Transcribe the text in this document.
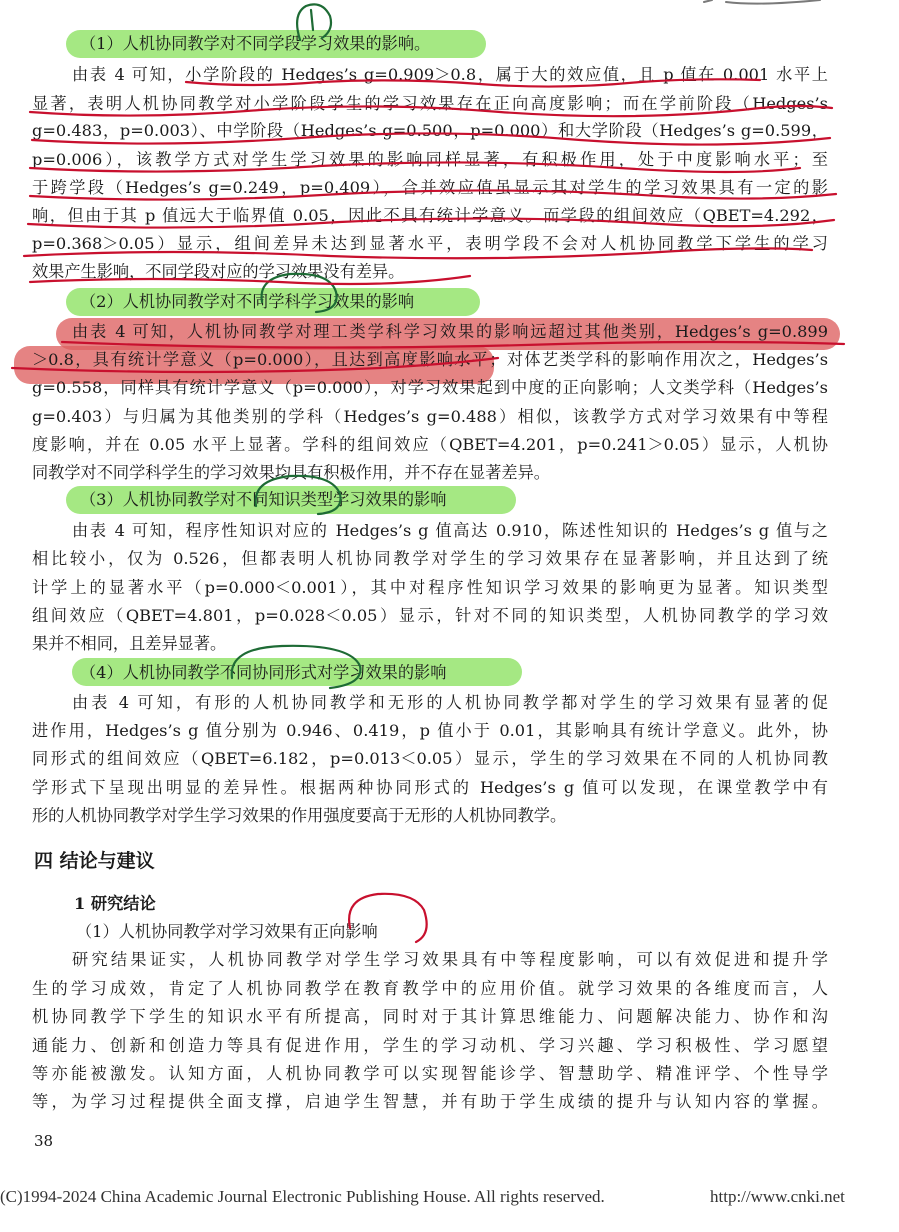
（1）人机协同教学对不同学段学习效果的影响。
由表 4 可知，小学阶段的 Hedges’s g=0.909＞0.8，属于大的效应值，且 p 值在 0.001 水平上
显著，表明人机协同教学对小学阶段学生的学习效果存在正向高度影响；而在学前阶段（Hedges’s
g=0.483，p=0.003）、中学阶段（Hedges’s g=0.500，p=0.000）和大学阶段（Hedges’s g=0.599，
p=0.006），该教学方式对学生学习效果的影响同样显著，有积极作用，处于中度影响水平；至
于跨学段（Hedges’s g=0.249，p=0.409），合并效应值虽显示其对学生的学习效果具有一定的影
响，但由于其 p 值远大于临界值 0.05，因此不具有统计学意义。而学段的组间效应（QBET=4.292，
p=0.368＞0.05）显示，组间差异未达到显著水平，表明学段不会对人机协同教学下学生的学习
效果产生影响，不同学段对应的学习效果没有差异。
（2）人机协同教学对不同学科学习效果的影响
由表 4 可知，人机协同教学对理工类学科学习效果的影响远超过其他类别，Hedges’s g=0.899
＞0.8，具有统计学意义（p=0.000），且达到高度影响水平；对体艺类学科的影响作用次之，Hedges’s
g=0.558，同样具有统计学意义（p=0.000），对学习效果起到中度的正向影响；人文类学科（Hedges’s
g=0.403）与归属为其他类别的学科（Hedges’s g=0.488）相似，该教学方式对学习效果有中等程
度影响，并在 0.05 水平上显著。学科的组间效应（QBET=4.201，p=0.241＞0.05）显示，人机协
同教学对不同学科学生的学习效果均具有积极作用，并不存在显著差异。
（3）人机协同教学对不同知识类型学习效果的影响
由表 4 可知，程序性知识对应的 Hedges’s g 值高达 0.910，陈述性知识的 Hedges’s g 值与之
相比较小，仅为 0.526，但都表明人机协同教学对学生的学习效果存在显著影响，并且达到了统
计学上的显著水平（p=0.000＜0.001），其中对程序性知识学习效果的影响更为显著。知识类型
组间效应（QBET=4.801，p=0.028＜0.05）显示，针对不同的知识类型，人机协同教学的学习效
果并不相同，且差异显著。
（4）人机协同教学不同协同形式对学习效果的影响
由表 4 可知，有形的人机协同教学和无形的人机协同教学都对学生的学习效果有显著的促
进作用，Hedges’s g 值分别为 0.946、0.419，p 值小于 0.01，其影响具有统计学意义。此外，协
同形式的组间效应（QBET=6.182，p=0.013＜0.05）显示，学生的学习效果在不同的人机协同教
学形式下呈现出明显的差异性。根据两种协同形式的 Hedges’s g 值可以发现，在课堂教学中有
形的人机协同教学对学生学习效果的作用强度要高于无形的人机协同教学。
四 结论与建议
1 研究结论
（1）人机协同教学对学习效果有正向影响
研究结果证实，人机协同教学对学生学习效果具有中等程度影响，可以有效促进和提升学
生的学习成效，肯定了人机协同教学在教育教学中的应用价值。就学习效果的各维度而言，人
机协同教学下学生的知识水平有所提高，同时对于其计算思维能力、问题解决能力、协作和沟
通能力、创新和创造力等具有促进作用，学生的学习动机、学习兴趣、学习积极性、学习愿望
等亦能被激发。认知方面，人机协同教学可以实现智能诊学、智慧助学、精准评学、个性导学
等，为学习过程提供全面支撑，启迪学生智慧，并有助于学生成绩的提升与认知内容的掌握。
38
(C)1994-2024 China Academic Journal Electronic Publishing House. All rights reserved.	http://www.cnki.net
